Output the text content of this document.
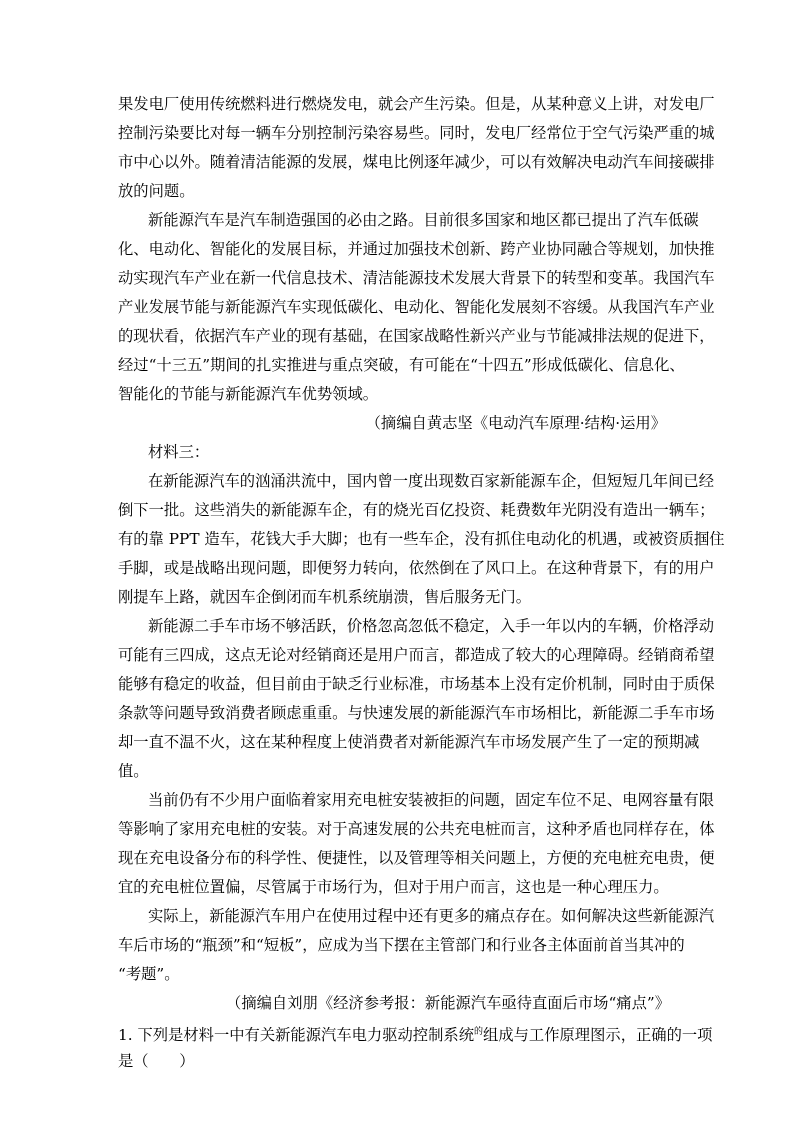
果发电厂使用传统燃料进行燃烧发电，就会产生污染。但是，从某种意义上讲，对发电厂
控制污染要比对每一辆车分别控制污染容易些。同时，发电厂经常位于空气污染严重的城
市中心以外。随着清洁能源的发展，煤电比例逐年减少，可以有效解决电动汽车间接碳排
放的问题。
新能源汽车是汽车制造强国的必由之路。目前很多国家和地区都已提出了汽车低碳
化、电动化、智能化的发展目标，并通过加强技术创新、跨产业协同融合等规划，加快推
动实现汽车产业在新一代信息技术、清洁能源技术发展大背景下的转型和变革。我国汽车
产业发展节能与新能源汽车实现低碳化、电动化、智能化发展刻不容缓。从我国汽车产业
的现状看，依据汽车产业的现有基础，在国家战略性新兴产业与节能减排法规的促进下，
经过“十三五”期间的扎实推进与重点突破，有可能在“十四五”形成低碳化、信息化、
智能化的节能与新能源汽车优势领域。
（摘编自黄志坚《电动汽车原理·结构·运用》
材料三：
在新能源汽车的汹涌洪流中，国内曾一度出现数百家新能源车企，但短短几年间已经
倒下一批。这些消失的新能源车企，有的烧光百亿投资、耗费数年光阴没有造出一辆车；
有的靠 PPT 造车，花钱大手大脚；也有一些车企，没有抓住电动化的机遇，或被资质掴住
手脚，或是战略出现问题，即便努力转向，依然倒在了风口上。在这种背景下，有的用户
刚提车上路，就因车企倒闭而车机系统崩溃，售后服务无门。
新能源二手车市场不够活跃，价格忽高忽低不稳定，入手一年以内的车辆，价格浮动
可能有三四成，这点无论对经销商还是用户而言，都造成了较大的心理障碍。经销商希望
能够有稳定的收益，但目前由于缺乏行业标准，市场基本上没有定价机制，同时由于质保
条款等问题导致消费者顾虑重重。与快速发展的新能源汽车市场相比，新能源二手车市场
却一直不温不火，这在某种程度上使消费者对新能源汽车市场发展产生了一定的预期减
值。
当前仍有不少用户面临着家用充电桩安装被拒的问题，固定车位不足、电网容量有限
等影响了家用充电桩的安装。对于高速发展的公共充电桩而言，这种矛盾也同样存在，体
现在充电设备分布的科学性、便捷性，以及管理等相关问题上，方便的充电桩充电贵，便
宜的充电桩位置偏，尽管属于市场行为，但对于用户而言，这也是一种心理压力。
实际上，新能源汽车用户在使用过程中还有更多的痛点存在。如何解决这些新能源汽
车后市场的“瓶颈”和“短板”，应成为当下摆在主管部门和行业各主体面前首当其冲的
“考题”。
（摘编自刘朋《经济参考报：新能源汽车亟待直面后市场“痛点”》
1. 下列是材料一中有关新能源汽车电力驱动控制系统$^的$组成与工作原理图示，正确的一项
是（　　）
